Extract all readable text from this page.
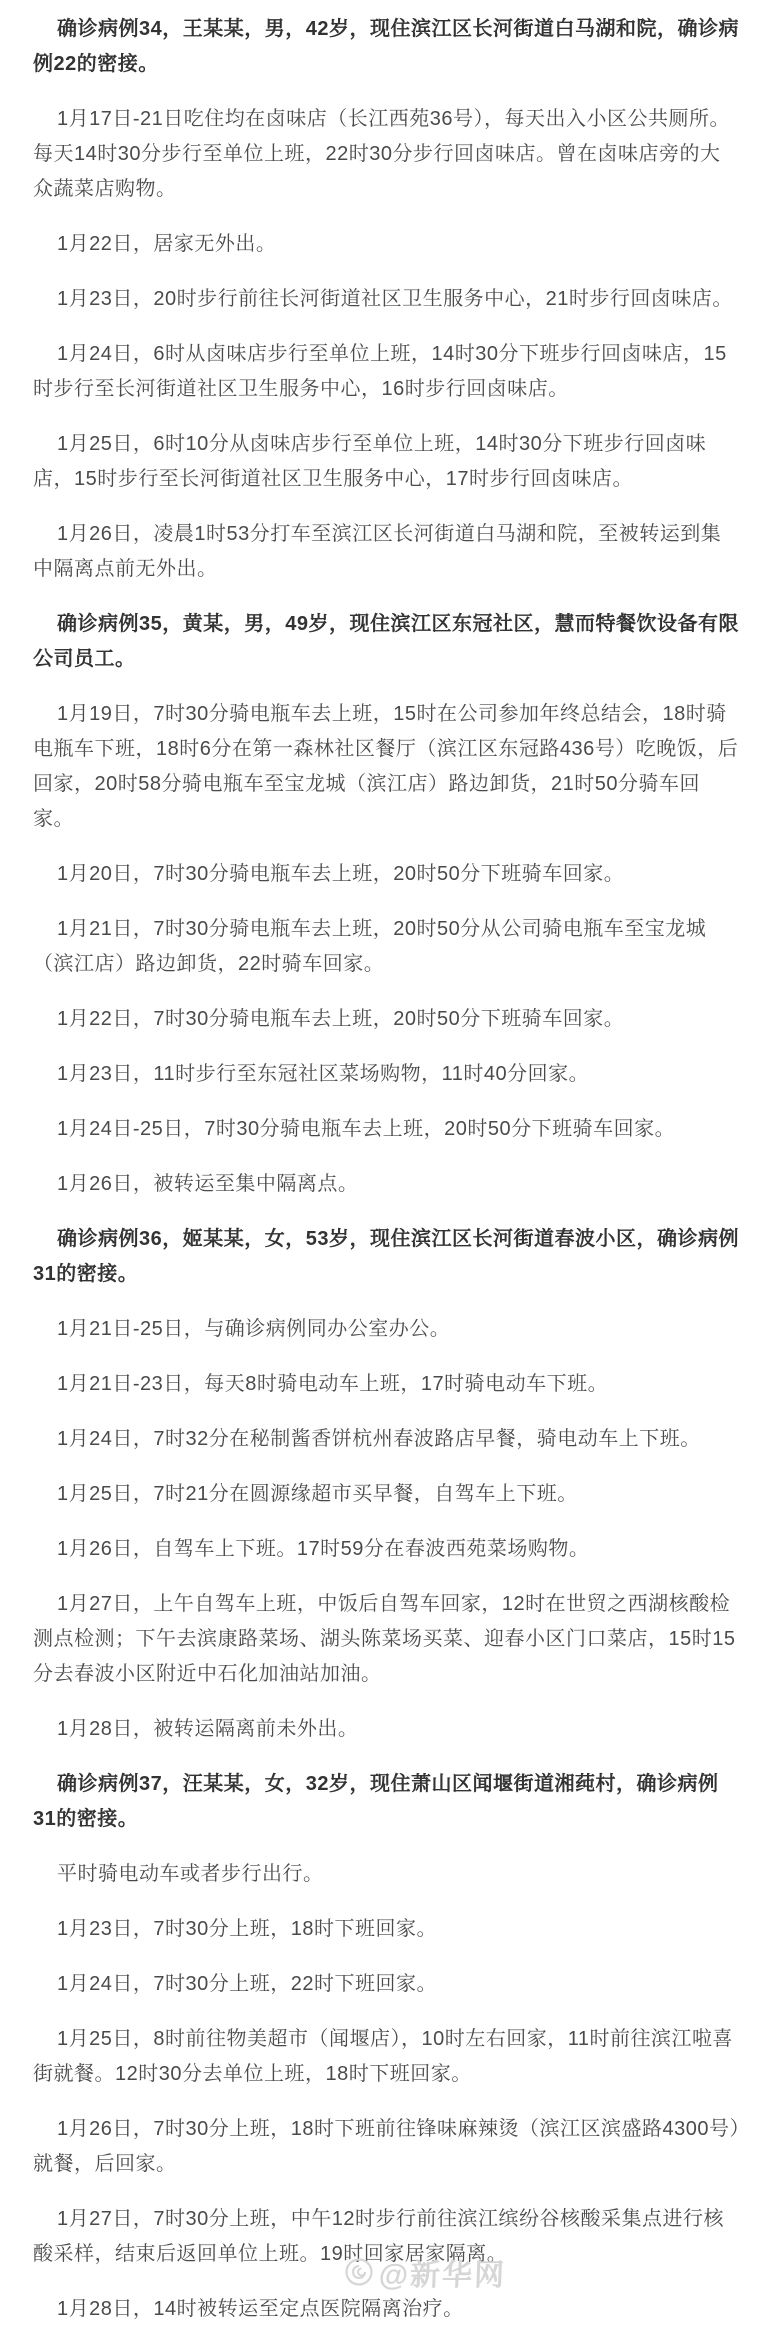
确诊病例34，王某某，男，42岁，现住滨江区长河街道白马湖和院，确诊病例22的密接。

1月17日-21日吃住均在卤味店（长江西苑36号），每天出入小区公共厕所。每天14时30分步行至单位上班，22时30分步行回卤味店。曾在卤味店旁的大众蔬菜店购物。

1月22日，居家无外出。

1月23日，20时步行前往长河街道社区卫生服务中心，21时步行回卤味店。

1月24日，6时从卤味店步行至单位上班，14时30分下班步行回卤味店，15时步行至长河街道社区卫生服务中心，16时步行回卤味店。

1月25日，6时10分从卤味店步行至单位上班，14时30分下班步行回卤味店，15时步行至长河街道社区卫生服务中心，17时步行回卤味店。

1月26日，凌晨1时53分打车至滨江区长河街道白马湖和院，至被转运到集中隔离点前无外出。

确诊病例35，黄某，男，49岁，现住滨江区东冠社区，慧而特餐饮设备有限公司员工。

1月19日，7时30分骑电瓶车去上班，15时在公司参加年终总结会，18时骑电瓶车下班，18时6分在第一森林社区餐厅（滨江区东冠路436号）吃晚饭，后回家，20时58分骑电瓶车至宝龙城（滨江店）路边卸货，21时50分骑车回家。

1月20日，7时30分骑电瓶车去上班，20时50分下班骑车回家。

1月21日，7时30分骑电瓶车去上班，20时50分从公司骑电瓶车至宝龙城（滨江店）路边卸货，22时骑车回家。

1月22日，7时30分骑电瓶车去上班，20时50分下班骑车回家。

1月23日，11时步行至东冠社区菜场购物，11时40分回家。

1月24日-25日，7时30分骑电瓶车去上班，20时50分下班骑车回家。

1月26日，被转运至集中隔离点。

确诊病例36，姬某某，女，53岁，现住滨江区长河街道春波小区，确诊病例31的密接。

1月21日-25日，与确诊病例同办公室办公。

1月21日-23日，每天8时骑电动车上班，17时骑电动车下班。

1月24日，7时32分在秘制酱香饼杭州春波路店早餐，骑电动车上下班。

1月25日，7时21分在圆源缘超市买早餐，自驾车上下班。

1月26日，自驾车上下班。17时59分在春波西苑菜场购物。

1月27日，上午自驾车上班，中饭后自驾车回家，12时在世贸之西湖核酸检测点检测；下午去滨康路菜场、湖头陈菜场买菜、迎春小区门口菜店，15时15分去春波小区附近中石化加油站加油。

1月28日，被转运隔离前未外出。

确诊病例37，汪某某，女，32岁，现住萧山区闻堰街道湘莼村，确诊病例31的密接。

平时骑电动车或者步行出行。

1月23日，7时30分上班，18时下班回家。

1月24日，7时30分上班，22时下班回家。

1月25日，8时前往物美超市（闻堰店），10时左右回家，11时前往滨江啦喜街就餐。12时30分去单位上班，18时下班回家。

1月26日，7时30分上班，18时下班前往锋味麻辣烫（滨江区滨盛路4300号）就餐，后回家。

1月27日，7时30分上班，中午12时步行前往滨江缤纷谷核酸采集点进行核酸采样，结束后返回单位上班。19时回家居家隔离。

1月28日，14时被转运至定点医院隔离治疗。

@新华网
